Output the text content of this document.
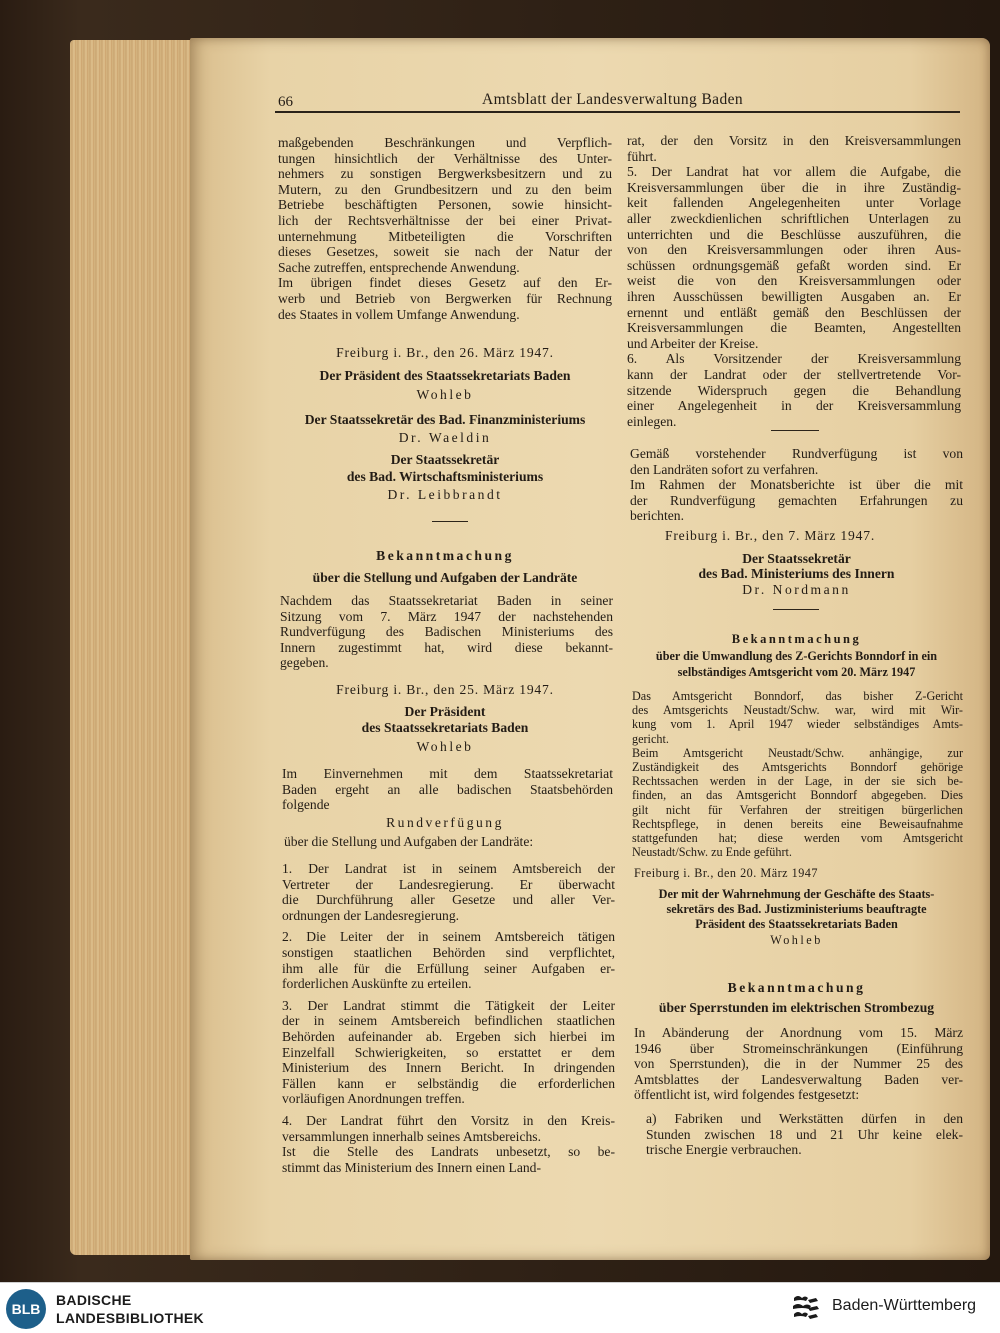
66	Amtsblatt der Landesverwaltung Baden
maßgebenden Beschränkungen und Verpflich-
tungen hinsichtlich der Verhältnisse des Unter-
nehmers zu sonstigen Bergwerksbesitzern und zu
Mutern, zu den Grundbesitzern und zu den beim
Betriebe beschäftigten Personen, sowie hinsicht-
lich der Rechtsverhältnisse der bei einer Privat-
unternehmung Mitbeteiligten die Vorschriften
dieses Gesetzes, soweit sie nach der Natur der
Sache zutreffen, entsprechende Anwendung.
Im übrigen findet dieses Gesetz auf den Er-
werb und Betrieb von Bergwerken für Rechnung
des Staates in vollem Umfange Anwendung.
Freiburg i. Br., den 26. März 1947.
Der Präsident des Staatssekretariats Baden
Wohleb
Der Staatssekretär des Bad. Finanzministeriums
Dr. Waeldin
Der Staatssekretär
des Bad. Wirtschaftsministeriums
Dr. Leibbrandt
Bekanntmachung
über die Stellung und Aufgaben der Landräte
Nachdem das Staatssekretariat Baden in seiner
Sitzung vom 7. März 1947 der nachstehenden
Rundverfügung des Badischen Ministeriums des
Innern zugestimmt hat, wird diese bekannt-
gegeben.
Freiburg i. Br., den 25. März 1947.
Der Präsident
des Staatssekretariats Baden
Wohleb
Im Einvernehmen mit dem Staatssekretariat
Baden ergeht an alle badischen Staatsbehörden
folgende
Rundverfügung
über die Stellung und Aufgaben der Landräte:
1. Der Landrat ist in seinem Amtsbereich der
Vertreter der Landesregierung. Er überwacht
die Durchführung aller Gesetze und aller Ver-
ordnungen der Landesregierung.
2. Die Leiter der in seinem Amtsbereich tätigen
sonstigen staatlichen Behörden sind verpflichtet,
ihm alle für die Erfüllung seiner Aufgaben er-
forderlichen Auskünfte zu erteilen.
3. Der Landrat stimmt die Tätigkeit der Leiter
der in seinem Amtsbereich befindlichen staatlichen
Behörden aufeinander ab. Ergeben sich hierbei im
Einzelfall Schwierigkeiten, so erstattet er dem
Ministerium des Innern Bericht. In dringenden
Fällen kann er selbständig die erforderlichen
vorläufigen Anordnungen treffen.
4. Der Landrat führt den Vorsitz in den Kreis-
versammlungen innerhalb seines Amtsbereichs.
Ist die Stelle des Landrats unbesetzt, so be-
stimmt das Ministerium des Innern einen Land-
rat, der den Vorsitz in den Kreisversammlungen
führt.
5. Der Landrat hat vor allem die Aufgabe, die
Kreisversammlungen über die in ihre Zuständig-
keit fallenden Angelegenheiten unter Vorlage
aller zweckdienlichen schriftlichen Unterlagen zu
unterrichten und die Beschlüsse auszuführen, die
von den Kreisversammlungen oder ihren Aus-
schüssen ordnungsgemäß gefaßt worden sind. Er
weist die von den Kreisversammlungen oder
ihren Ausschüssen bewilligten Ausgaben an. Er
ernennt und entläßt gemäß den Beschlüssen der
Kreisversammlungen die Beamten, Angestellten
und Arbeiter der Kreise.
6. Als Vorsitzender der Kreisversammlung
kann der Landrat oder der stellvertretende Vor-
sitzende Widerspruch gegen die Behandlung
einer Angelegenheit in der Kreisversammlung
einlegen.
Gemäß vorstehender Rundverfügung ist von
den Landräten sofort zu verfahren.
Im Rahmen der Monatsberichte ist über die mit
der Rundverfügung gemachten Erfahrungen zu
berichten.
Freiburg i. Br., den 7. März 1947.
Der Staatssekretär
des Bad. Ministeriums des Innern
Dr. Nordmann
Bekanntmachung
über die Umwandlung des Z-Gerichts Bonndorf in ein
selbständiges Amtsgericht vom 20. März 1947
Das Amtsgericht Bonndorf, das bisher Z-Gericht
des Amtsgerichts Neustadt/Schw. war, wird mit Wir-
kung vom 1. April 1947 wieder selbständiges Amts-
gericht.
Beim Amtsgericht Neustadt/Schw. anhängige, zur
Zuständigkeit des Amtsgerichts Bonndorf gehörige
Rechtssachen werden in der Lage, in der sie sich be-
finden, an das Amtsgericht Bonndorf abgegeben. Dies
gilt nicht für Verfahren der streitigen bürgerlichen
Rechtspflege, in denen bereits eine Beweisaufnahme
stattgefunden hat; diese werden vom Amtsgericht
Neustadt/Schw. zu Ende geführt.
Freiburg i. Br., den 20. März 1947
Der mit der Wahrnehmung der Geschäfte des Staats-
sekretärs des Bad. Justizministeriums beauftragte
Präsident des Staatssekretariats Baden
Wohleb
Bekanntmachung
über Sperrstunden im elektrischen Strombezug
In Abänderung der Anordnung vom 15. März
1946 über Stromeinschränkungen (Einführung
von Sperrstunden), die in der Nummer 25 des
Amtsblattes der Landesverwaltung Baden ver-
öffentlicht ist, wird folgendes festgesetzt:
a) Fabriken und Werkstätten dürfen in den
Stunden zwischen 18 und 21 Uhr keine elek-
trische Energie verbrauchen.
BLB
BADISCHE
LANDESBIBLIOTHEK
Baden-Württemberg
